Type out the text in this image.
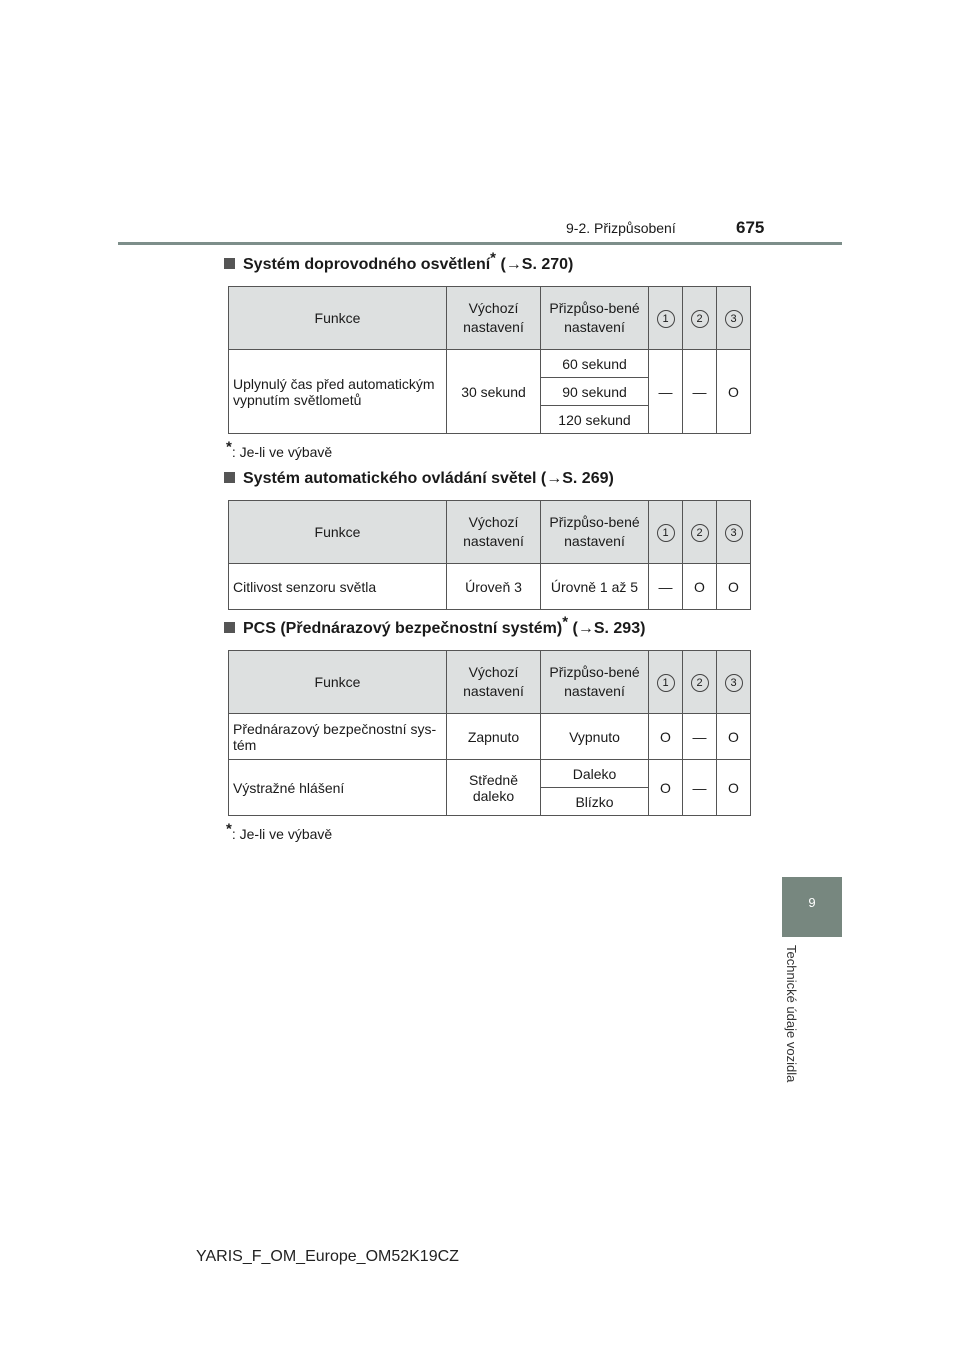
9-2. Přizpůsobení	675
Systém doprovodného osvětlení* (→S. 270)
Funkce	Výchozí nastavení	Přizpůso-bené nastavení	1	2	3
Uplynulý čas před automatickým vypnutím světlometů	30 sekund	60 sekund	—	—	O
		90 sekund			
		120 sekund			
*: Je-li ve výbavě
Systém automatického ovládání světel (→S. 269)
Funkce	Výchozí nastavení	Přizpůso-bené nastavení	1	2	3
Citlivost senzoru světla	Úroveň 3	Úrovně 1 až 5	—	O	O
PCS (Přednárazový bezpečnostní systém)* (→S. 293)
Funkce	Výchozí nastavení	Přizpůso-bené nastavení	1	2	3
Přednárazový bezpečnostní sys-tém	Zapnuto	Vypnuto	O	—	O
Výstražné hlášení	Středně daleko	Daleko	O	—	O
		Blízko			
*: Je-li ve výbavě
9
Technické údaje vozidla
YARIS_F_OM_Europe_OM52K19CZ
